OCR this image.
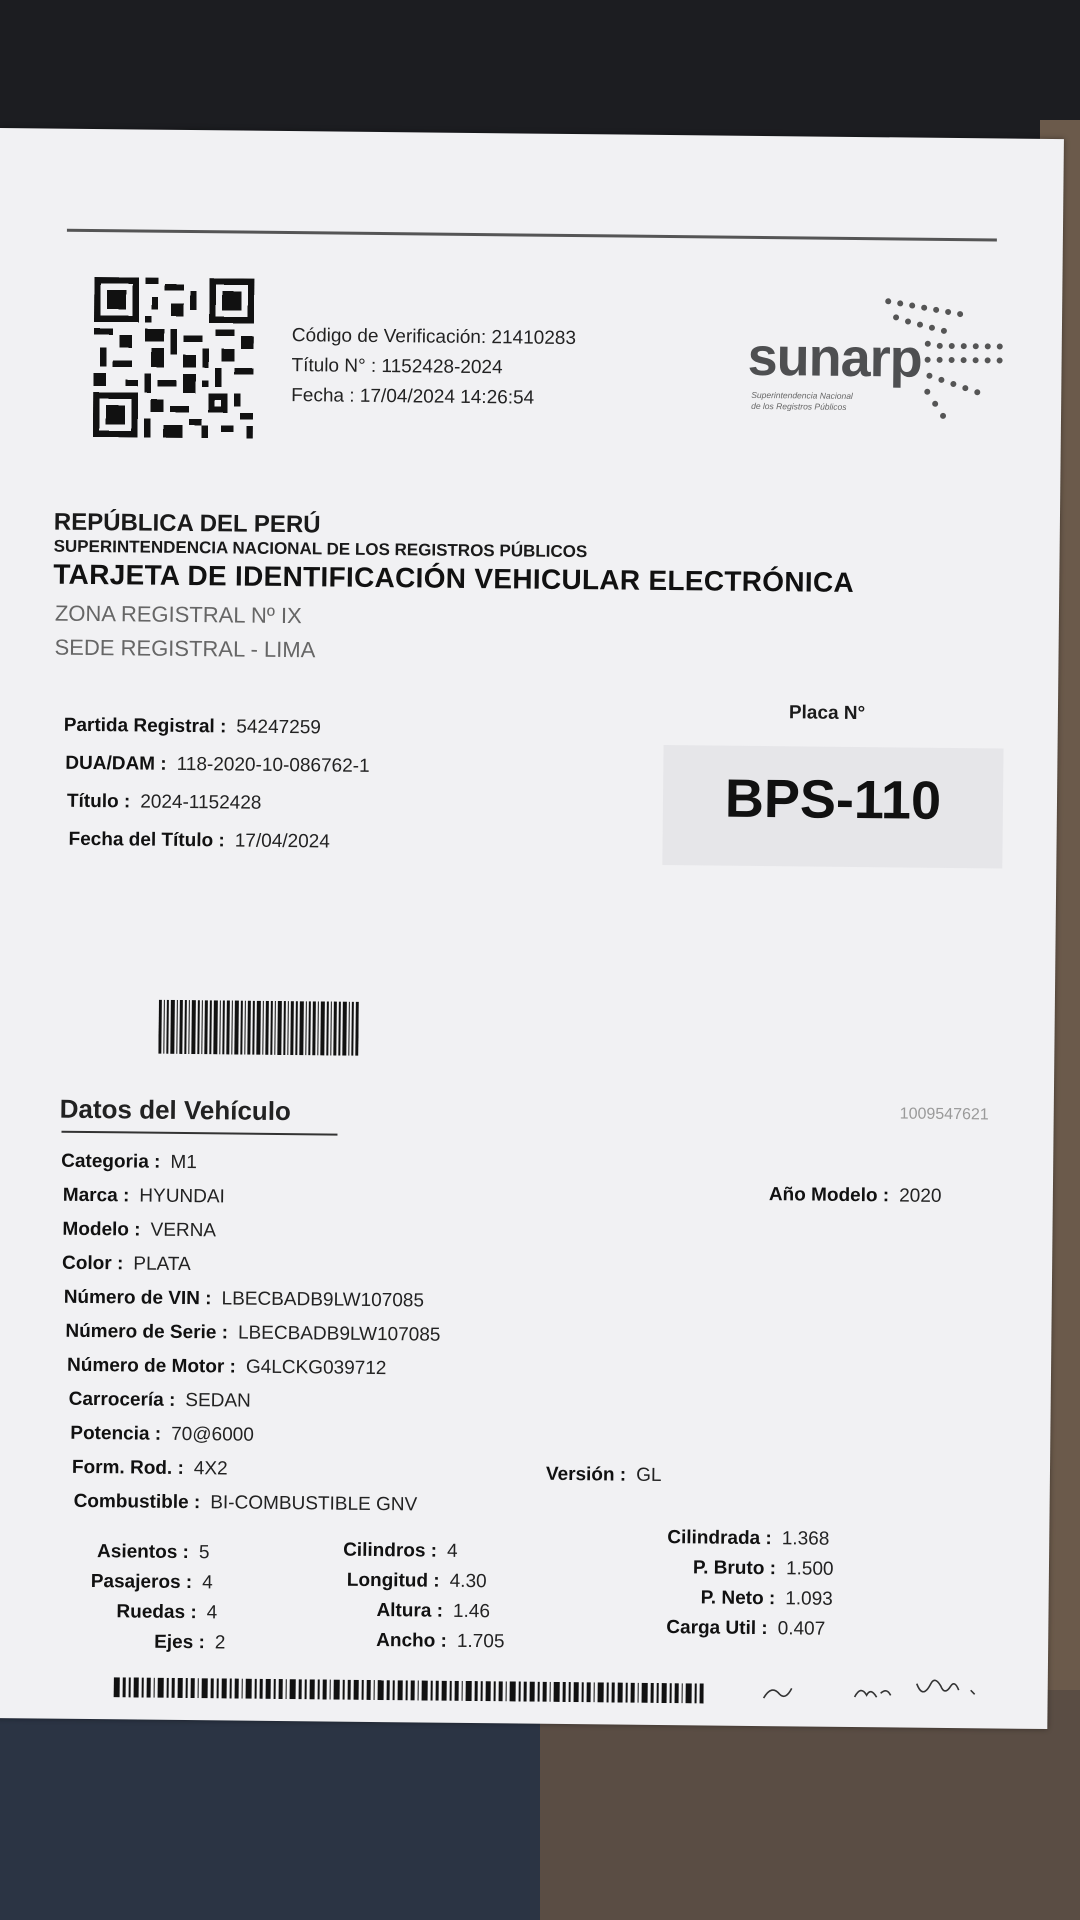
Código de Verificación: 21410283
Título N° : 1152428-2024
Fecha : 17/04/2024 14:26:54
sunarp
Superintendencia Nacional
de los Registros Públicos
REPÚBLICA DEL PERÚ
SUPERINTENDENCIA NACIONAL DE LOS REGISTROS PÚBLICOS
TARJETA DE IDENTIFICACIÓN VEHICULAR ELECTRÓNICA
ZONA REGISTRAL Nº IX
SEDE REGISTRAL - LIMA
Partida Registral : 54247259
DUA/DAM : 118-2020-10-086762-1
Título : 2024-1152428
Fecha del Título : 17/04/2024
Placa N°
BPS-110
1009547621
Datos del Vehículo
Categoria : M1
Marca : HYUNDAI
Modelo : VERNA
Color : PLATA
Número de VIN : LBECBADB9LW107085
Número de Serie : LBECBADB9LW107085
Número de Motor : G4LCKG039712
Carrocería : SEDAN
Potencia : 70@6000
Form. Rod. : 4X2
Combustible : BI-COMBUSTIBLE GNV
Año Modelo : 2020
Versión : GL
Asientos : 5
Pasajeros : 4
Ruedas : 4
Ejes : 2
Cilindros : 4
Longitud : 4.30
Altura : 1.46
Ancho : 1.705
Cilindrada : 1.368
P. Bruto : 1.500
P. Neto : 1.093
Carga Util : 0.407
